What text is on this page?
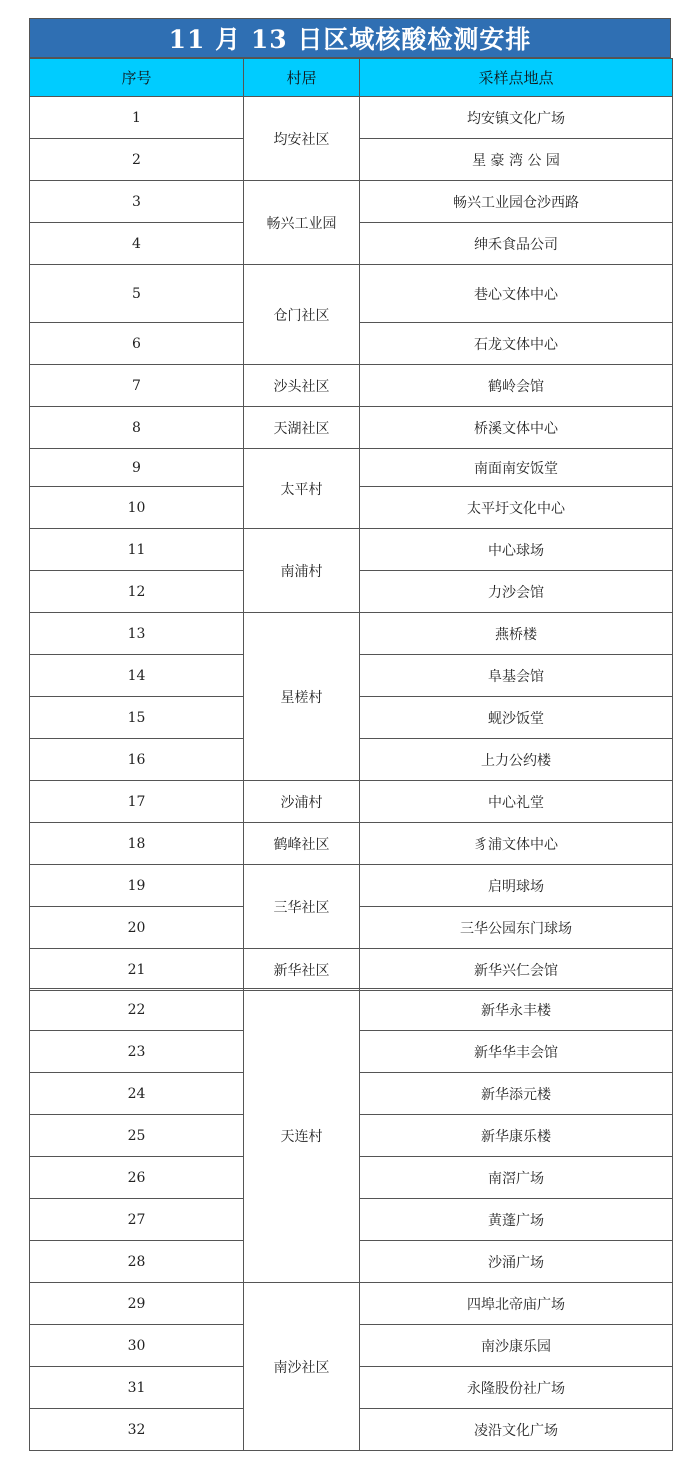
11 月 13 日区域核酸检测安排
序号	村居	采样点地点
1	均安社区	均安镇文化广场
2		星 豪 湾 公 园
3	畅兴工业园	畅兴工业园仓沙西路
4		绅禾食品公司
5	仓门社区	巷心文体中心
6		石龙文体中心
7	沙头社区	鹤岭会馆
8	天湖社区	桥溪文体中心
9	太平村	南面南安饭堂
10		太平圩文化中心
11	南浦村	中心球场
12		力沙会馆
13	星槎村	燕桥楼
14		阜基会馆
15		蚬沙饭堂
16		上力公约楼
17	沙浦村	中心礼堂
18	鹤峰社区	豸浦文体中心
19	三华社区	启明球场
20		三华公园东门球场
21	新华社区	新华兴仁会馆
22	天连村	新华永丰楼
23		新华华丰会馆
24		新华添元楼
25		新华康乐楼
26		南滘广场
27		黄蓬广场
28		沙涌广场
29	南沙社区	四埠北帝庙广场
30		南沙康乐园
31		永隆股份社广场
32		凌沿文化广场
